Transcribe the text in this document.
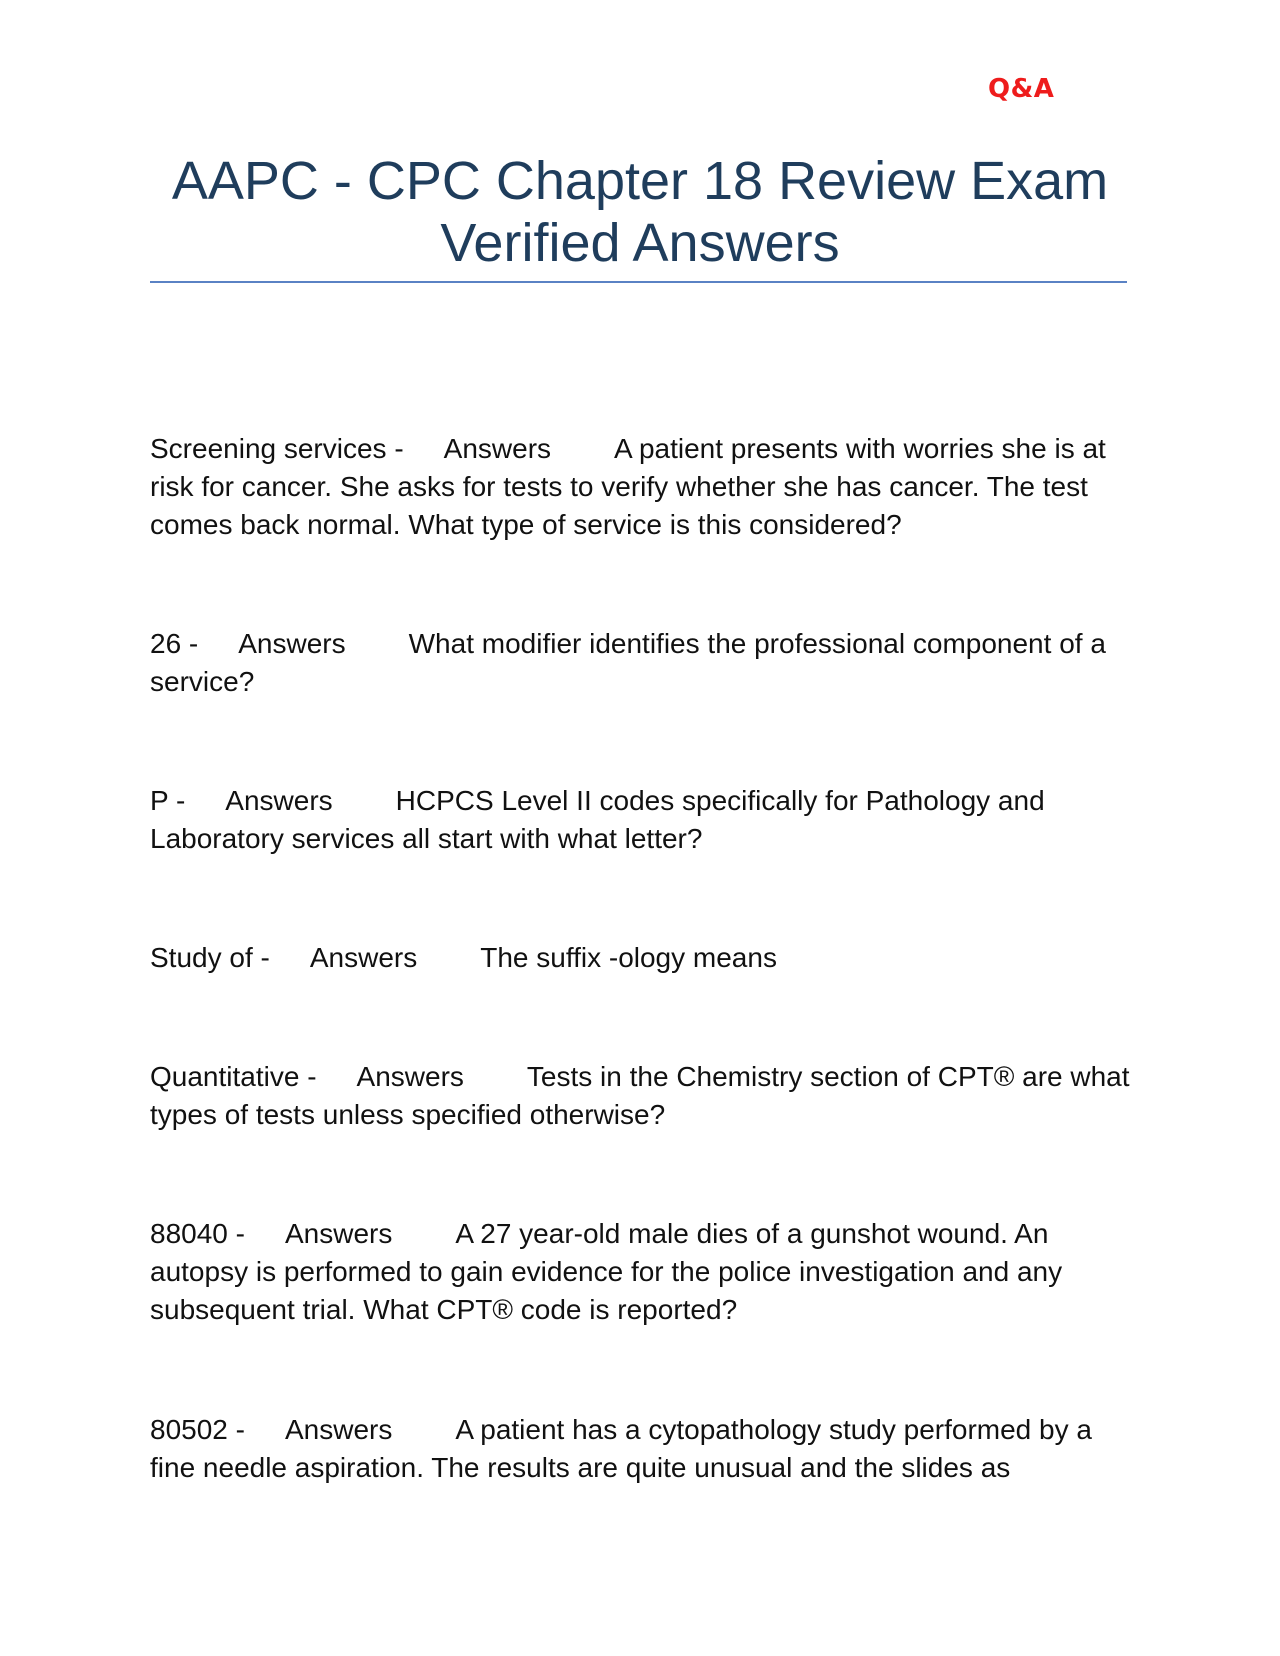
Q&A
AAPC - CPC Chapter 18 Review Exam
Verified Answers
Screening services - Answers A patient presents with worries she is at risk for cancer. She asks for tests to verify whether she has cancer. The test comes back normal. What type of service is this considered?
26 - Answers What modifier identifies the professional component of a service?
P - Answers HCPCS Level II codes specifically for Pathology and Laboratory services all start with what letter?
Study of - Answers The suffix -ology means
Quantitative - Answers Tests in the Chemistry section of CPT® are what types of tests unless specified otherwise?
88040 - Answers A 27 year-old male dies of a gunshot wound. An autopsy is performed to gain evidence for the police investigation and any subsequent trial. What CPT® code is reported?
80502 - Answers A patient has a cytopathology study performed by a fine needle aspiration. The results are quite unusual and the slides as
